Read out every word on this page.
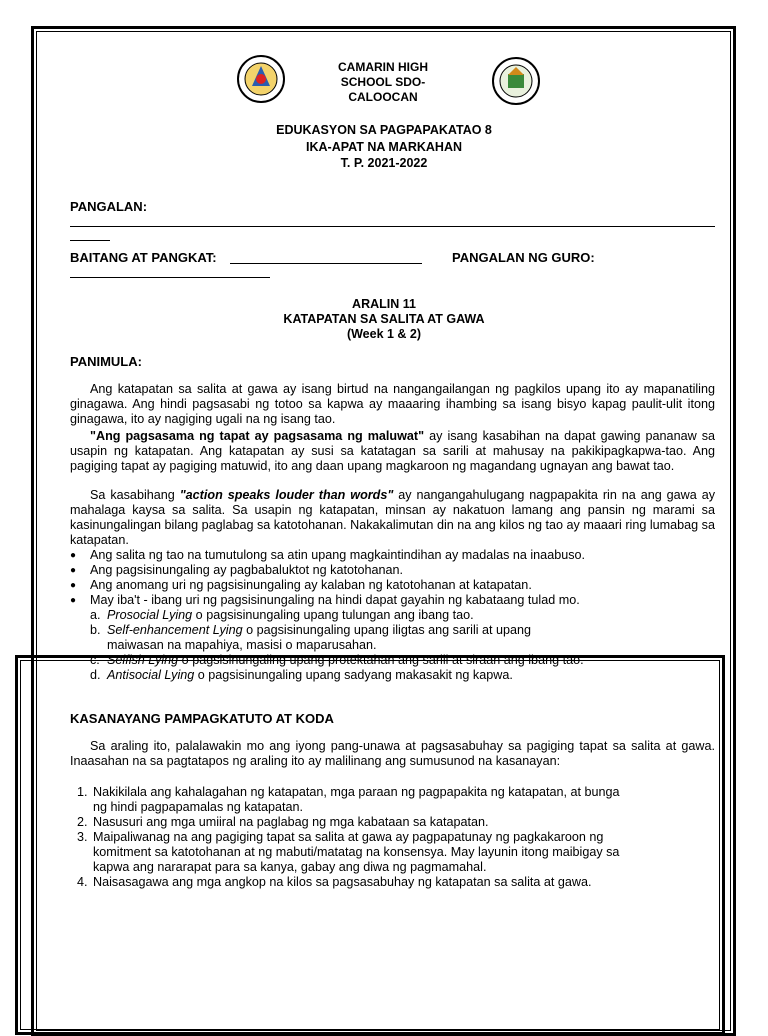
CAMARIN HIGH
SCHOOL SDO-
CALOOCAN
EDUKASYON SA PAGPAPAKATAO 8
IKA-APAT NA MARKAHAN
T. P. 2021-2022
PANGALAN:
BAITANG AT PANGKAT:	PANGALAN NG GURO:
ARALIN 11
KATAPATAN SA SALITA AT GAWA
(Week 1 & 2)
PANIMULA:
Ang katapatan sa salita at gawa ay isang birtud na nangangailangan ng pagkilos upang ito ay mapanatiling ginagawa. Ang hindi pagsasabi ng totoo sa kapwa ay maaaring ihambing sa isang bisyo kapag paulit-ulit itong ginagawa, ito ay nagiging ugali na ng isang tao.
"Ang pagsasama ng tapat ay pagsasama ng maluwat" ay isang kasabihan na dapat gawing pananaw sa usapin ng katapatan. Ang katapatan ay susi sa katatagan sa sarili at mahusay na pakikipagkapwa-tao. Ang pagiging tapat ay pagiging matuwid, ito ang daan upang magkaroon ng magandang ugnayan ang bawat tao.
Sa kasabihang "action speaks louder than words" ay nangangahulugang nagpapakita rin na ang gawa ay mahalaga kaysa sa salita. Sa usapin ng katapatan, minsan ay nakatuon lamang ang pansin ng marami sa kasinungalingan bilang paglabag sa katotohanan. Nakakalimutan din na ang kilos ng tao ay maaari ring lumabag sa katapatan.
● Ang salita ng tao na tumutulong sa atin upang magkaintindihan ay madalas na inaabuso.
● Ang pagsisinungaling ay pagbabaluktot ng katotohanan.
● Ang anomang uri ng pagsisinungaling ay kalaban ng katotohanan at katapatan.
● May iba't - ibang uri ng pagsisinungaling na hindi dapat gayahin ng kabataang tulad mo.
a. Prosocial Lying o pagsisinungaling upang tulungan ang ibang tao.
b. Self-enhancement Lying o pagsisinungaling upang iligtas ang sarili at upang maiwasan na mapahiya, masisi o maparusahan.
c. Selfish Lying o pagsisinungaling upang protektahan ang sarili at siraan ang ibang tao.
d. Antisocial Lying o pagsisinungaling upang sadyang makasakit ng kapwa.
KASANAYANG PAMPAGKATUTO AT KODA
Sa araling ito, palalawakin mo ang iyong pang-unawa at pagsasabuhay sa pagiging tapat sa salita at gawa. Inaasahan na sa pagtatapos ng araling ito ay malilinang ang sumusunod na kasanayan:
1. Nakikilala ang kahalagahan ng katapatan, mga paraan ng pagpapakita ng katapatan, at bunga ng hindi pagpapamalas ng katapatan.
2. Nasusuri ang mga umiiral na paglabag ng mga kabataan sa katapatan.
3. Maipaliwanag na ang pagiging tapat sa salita at gawa ay pagpapatunay ng pagkakaroon ng komitment sa katotohanan at ng mabuti/matatag na konsensya. May layunin itong maibigay sa kapwa ang nararapat para sa kanya, gabay ang diwa ng pagmamahal.
4. Naisasagawa ang mga angkop na kilos sa pagsasabuhay ng katapatan sa salita at gawa.
